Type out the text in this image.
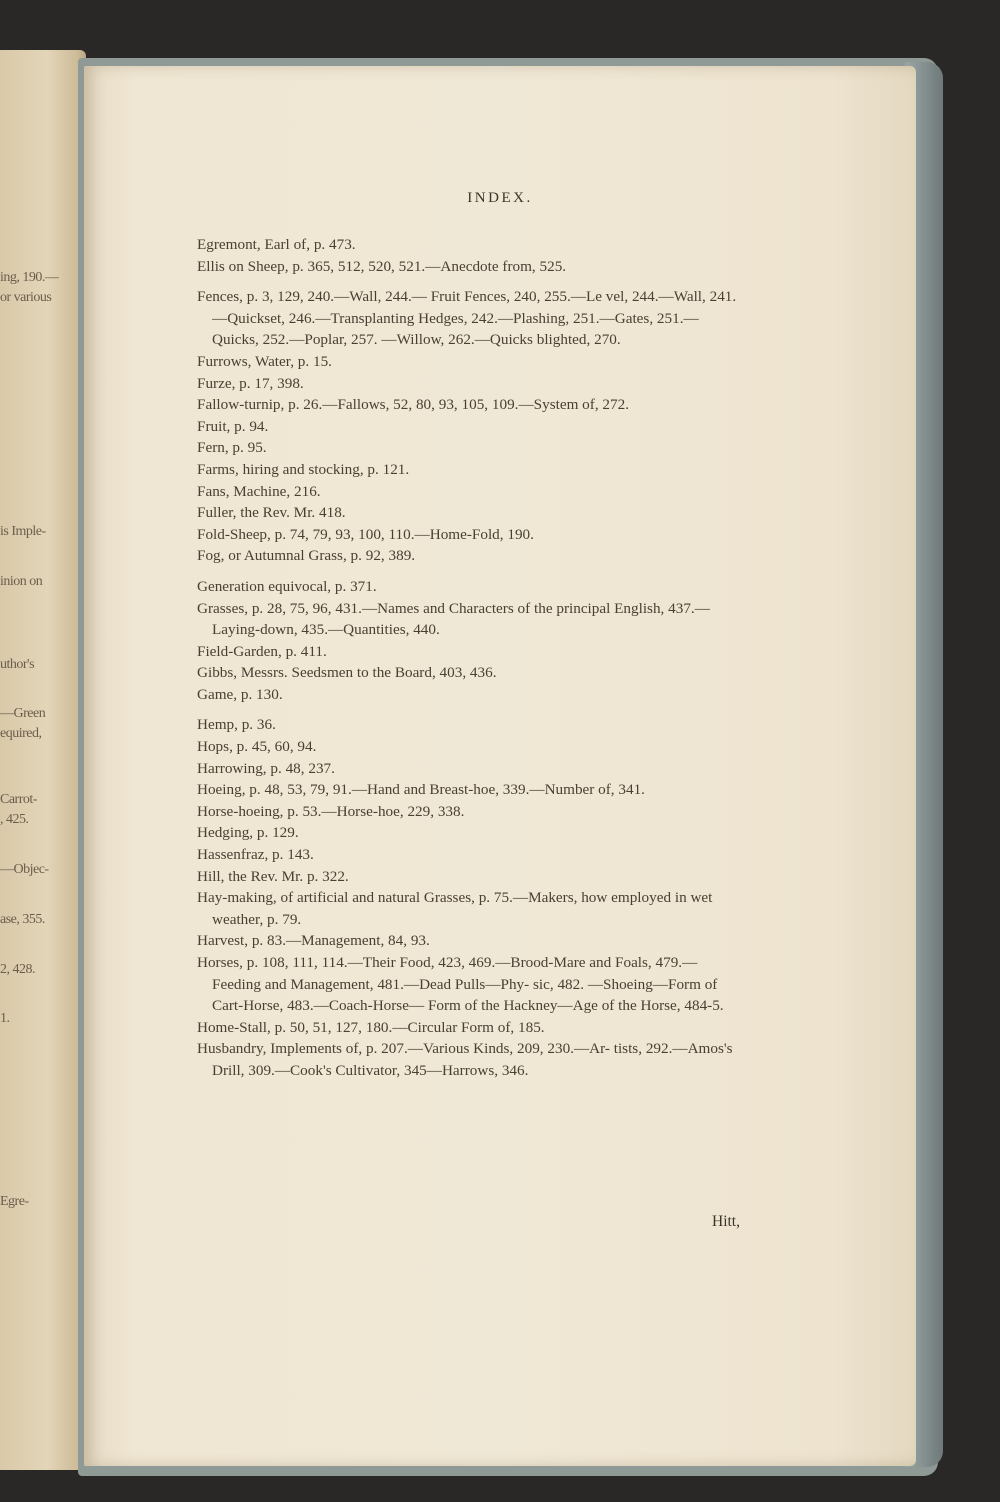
ing, 190.—
or various
is Imple-
inion on
uthor's
—Green
equired,
Carrot-
, 425.
—Objec-
ase, 355.
2, 428.
1.
Egre-
INDEX.

Egremont, Earl of, p. 473.

Ellis on Sheep, p. 365, 512, 520, 521.—Anecdote from, 525.

Fences, p. 3, 129, 240.—Wall, 244.— Fruit Fences, 240, 255.—Le vel, 244.—Wall, 241.—Quickset, 246.—Transplanting Hedges, 242.—Plashing, 251.—Gates, 251.—Quicks, 252.—Poplar, 257. —Willow, 262.—Quicks blighted, 270.

Furrows, Water, p. 15.

Furze, p. 17, 398.

Fallow-turnip, p. 26.—Fallows, 52, 80, 93, 105, 109.—System of, 272.

Fruit, p. 94.

Fern, p. 95.

Farms, hiring and stocking, p. 121.

Fans, Machine, 216.

Fuller, the Rev. Mr. 418.

Fold-Sheep, p. 74, 79, 93, 100, 110.—Home-Fold, 190.

Fog, or Autumnal Grass, p. 92, 389.

Generation equivocal, p. 371.

Grasses, p. 28, 75, 96, 431.—Names and Characters of the principal English, 437.—Laying-down, 435.—Quantities, 440.

Field-Garden, p. 411.

Gibbs, Messrs. Seedsmen to the Board, 403, 436.

Game, p. 130.

Hemp, p. 36.

Hops, p. 45, 60, 94.

Harrowing, p. 48, 237.

Hoeing, p. 48, 53, 79, 91.—Hand and Breast-hoe, 339.—Number of, 341.

Horse-hoeing, p. 53.—Horse-hoe, 229, 338.

Hedging, p. 129.

Hassenfraz, p. 143.

Hill, the Rev. Mr. p. 322.

Hay-making, of artificial and natural Grasses, p. 75.—Makers, how employed in wet weather, p. 79.

Harvest, p. 83.—Management, 84, 93.

Horses, p. 108, 111, 114.—Their Food, 423, 469.—Brood-Mare and Foals, 479.—Feeding and Management, 481.—Dead Pulls—Phy- sic, 482. —Shoeing—Form of Cart-Horse, 483.—Coach-Horse— Form of the Hackney—Age of the Horse, 484-5.

Home-Stall, p. 50, 51, 127, 180.—Circular Form of, 185.

Husbandry, Implements of, p. 207.—Various Kinds, 209, 230.—Ar- tists, 292.—Amos's Drill, 309.—Cook's Cultivator, 345—Harrows, 346.

Hitt,
